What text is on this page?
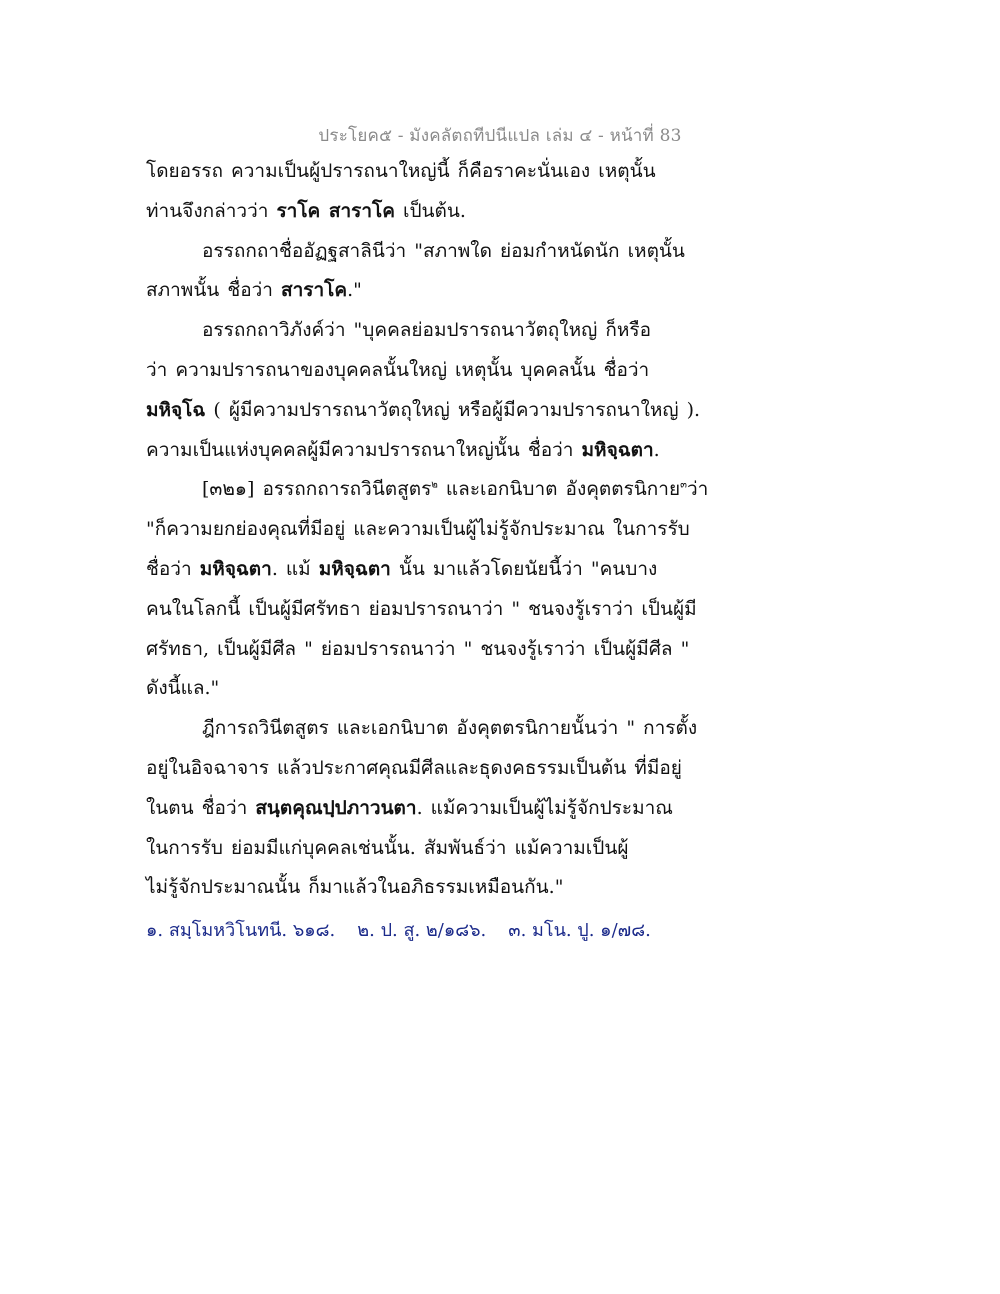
ประโยค๕ - มังคลัตถทีปนีแปล เล่ม ๔ - หน้าที่ 83
โดยอรรถ ความเป็นผู้ปรารถนาใหญ่นี้ ก็คือราคะนั่นเอง เหตุนั้น
ท่านจึงกล่าวว่า ราโค สาราโค เป็นต้น.
อรรถกถาชื่ออัฏฐสาลินีว่า "สภาพใด ย่อมกำหนัดนัก เหตุนั้น
สภาพนั้น ชื่อว่า สาราโค."
อรรถกถาวิภังค์ว่า "บุคคลย่อมปรารถนาวัตถุใหญ่ ก็หรือ
ว่า ความปรารถนาของบุคคลนั้นใหญ่ เหตุนั้น บุคคลนั้น ชื่อว่า
มหิจฺโฉ ( ผู้มีความปรารถนาวัตถุใหญ่ หรือผู้มีความปรารถนาใหญ่ ).
ความเป็นแห่งบุคคลผู้มีความปรารถนาใหญ่นั้น ชื่อว่า มหิจฺฉตา.
[๓๒๑] อรรถกถารถวินีตสูตร$^๒$ และเอกนิบาต อังคุตตรนิกาย$^๓$ว่า
"ก็ความยกย่องคุณที่มีอยู่ และความเป็นผู้ไม่รู้จักประมาณ ในการรับ
ชื่อว่า มหิจฺฉตา. แม้ มหิจฺฉตา นั้น มาแล้วโดยนัยนี้ว่า "คนบาง
คนในโลกนี้ เป็นผู้มีศรัทธา ย่อมปรารถนาว่า " ชนจงรู้เราว่า เป็นผู้มี
ศรัทธา, เป็นผู้มีศีล " ย่อมปรารถนาว่า " ชนจงรู้เราว่า เป็นผู้มีศีล "
ดังนี้แล."
ฎีการถวินีตสูตร และเอกนิบาต อังคุตตรนิกายนั้นว่า " การตั้ง
อยู่ในอิจฉาจาร แล้วประกาศคุณมีศีลและธุดงคธรรมเป็นต้น ที่มีอยู่
ในตน ชื่อว่า สนฺตคุณปฺปภาวนตา. แม้ความเป็นผู้ไม่รู้จักประมาณ
ในการรับ ย่อมมีแก่บุคคลเช่นนั้น. สัมพันธ์ว่า แม้ความเป็นผู้
ไม่รู้จักประมาณนั้น ก็มาแล้วในอภิธรรมเหมือนกัน."
๑. สมฺโมหวิโนทนี. ๖๑๘. ๒. ป. สู. ๒/๑๘๖. ๓. มโน. ปู. ๑/๗๘.
